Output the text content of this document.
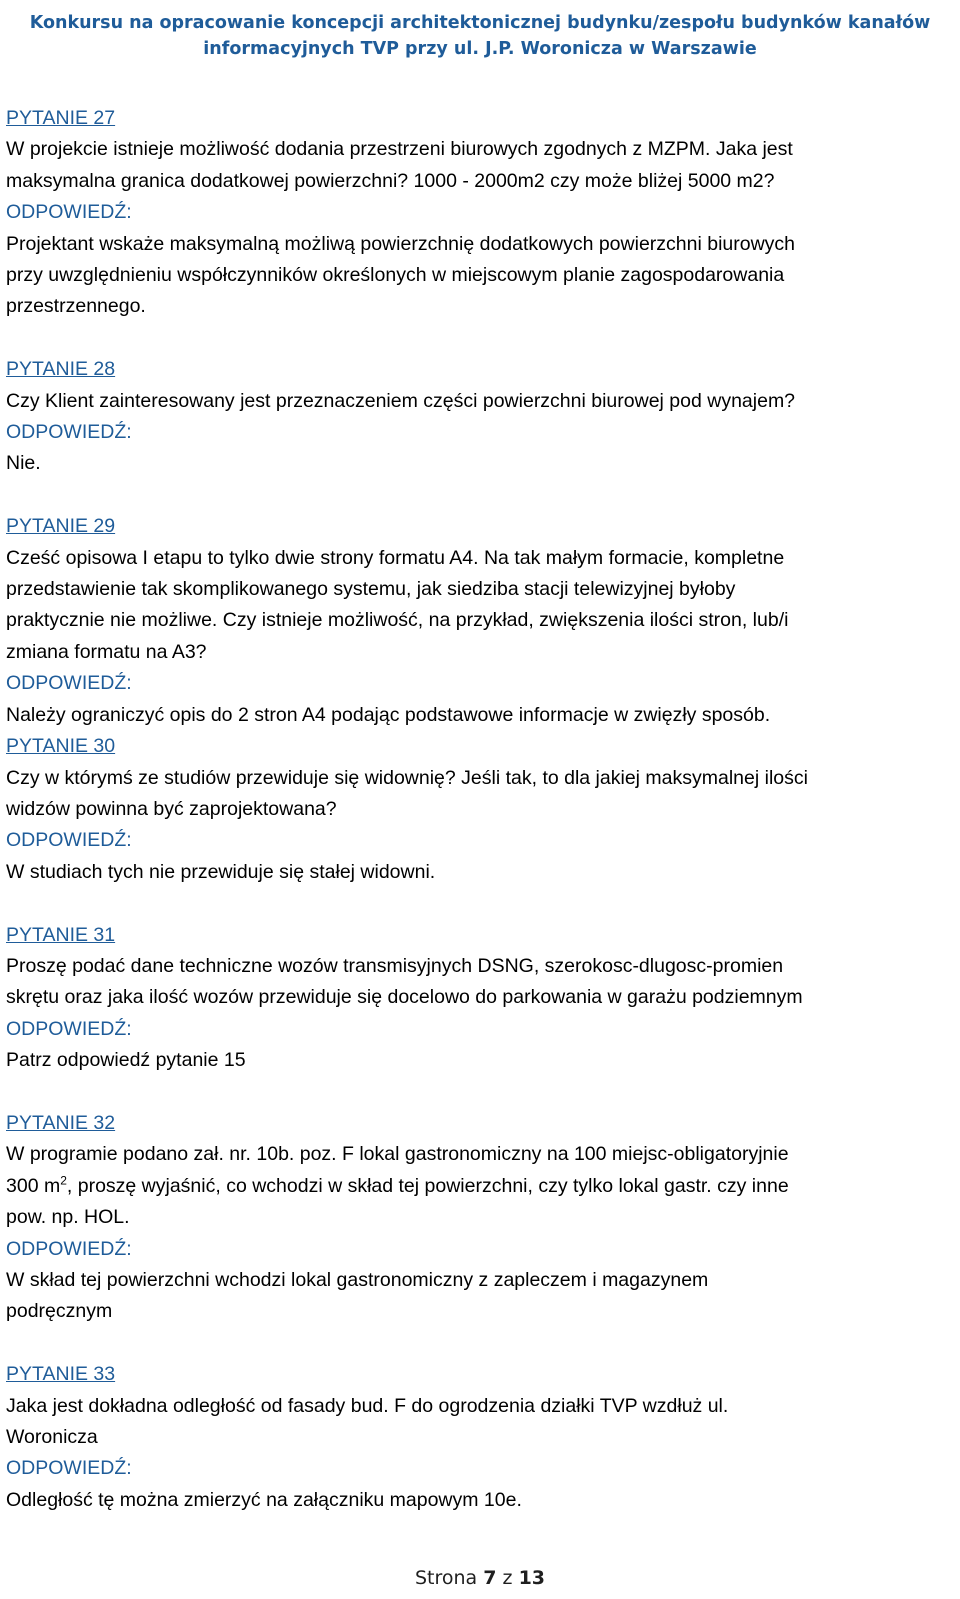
Konkursu na opracowanie koncepcji architektonicznej budynku/zespołu budynków kanałów
informacyjnych TVP przy ul. J.P. Woronicza w Warszawie

PYTANIE 27

W projekcie istnieje możliwość dodania przestrzeni biurowych zgodnych z MZPM. Jaka jest

maksymalna granica dodatkowej powierzchni? 1000 - 2000m2 czy może bliżej 5000 m2?

ODPOWIEDŹ:

Projektant wskaże maksymalną możliwą powierzchnię dodatkowych powierzchni biurowych

przy uwzględnieniu współczynników określonych w miejscowym planie zagospodarowania

przestrzennego.

PYTANIE 28

Czy Klient zainteresowany jest przeznaczeniem części powierzchni biurowej pod wynajem?

ODPOWIEDŹ:

Nie.

PYTANIE 29

Cześć opisowa I etapu to tylko dwie strony formatu A4. Na tak małym formacie, kompletne

przedstawienie tak skomplikowanego systemu, jak siedziba stacji telewizyjnej byłoby

praktycznie nie możliwe. Czy istnieje możliwość, na przykład, zwiększenia ilości stron, lub/i

zmiana formatu na A3?

ODPOWIEDŹ:

Należy ograniczyć opis do 2 stron A4 podając podstawowe informacje w zwięzły sposób.

PYTANIE 30

Czy w którymś ze studiów przewiduje się widownię? Jeśli tak, to dla jakiej maksymalnej ilości

widzów powinna być zaprojektowana?

ODPOWIEDŹ:

W studiach tych nie przewiduje się stałej widowni.

PYTANIE 31

Proszę podać dane techniczne wozów transmisyjnych DSNG, szerokosc-dlugosc-promien

skrętu oraz jaka ilość wozów przewiduje się docelowo do parkowania w garażu podziemnym

ODPOWIEDŹ:

Patrz odpowiedź pytanie 15

PYTANIE 32

W programie podano zał. nr. 10b. poz. F lokal gastronomiczny na 100 miejsc-obligatoryjnie

300 $m^2$, proszę wyjaśnić, co wchodzi w skład tej powierzchni, czy tylko lokal gastr. czy inne

pow. np. HOL.

ODPOWIEDŹ:

W skład tej powierzchni wchodzi lokal gastronomiczny z zapleczem i magazynem

podręcznym

PYTANIE 33

Jaka jest dokładna odległość od fasady bud. F do ogrodzenia działki TVP wzdłuż ul.

Woronicza

ODPOWIEDŹ:

Odległość tę można zmierzyć na załączniku mapowym 10e.

Strona 7 z 13
